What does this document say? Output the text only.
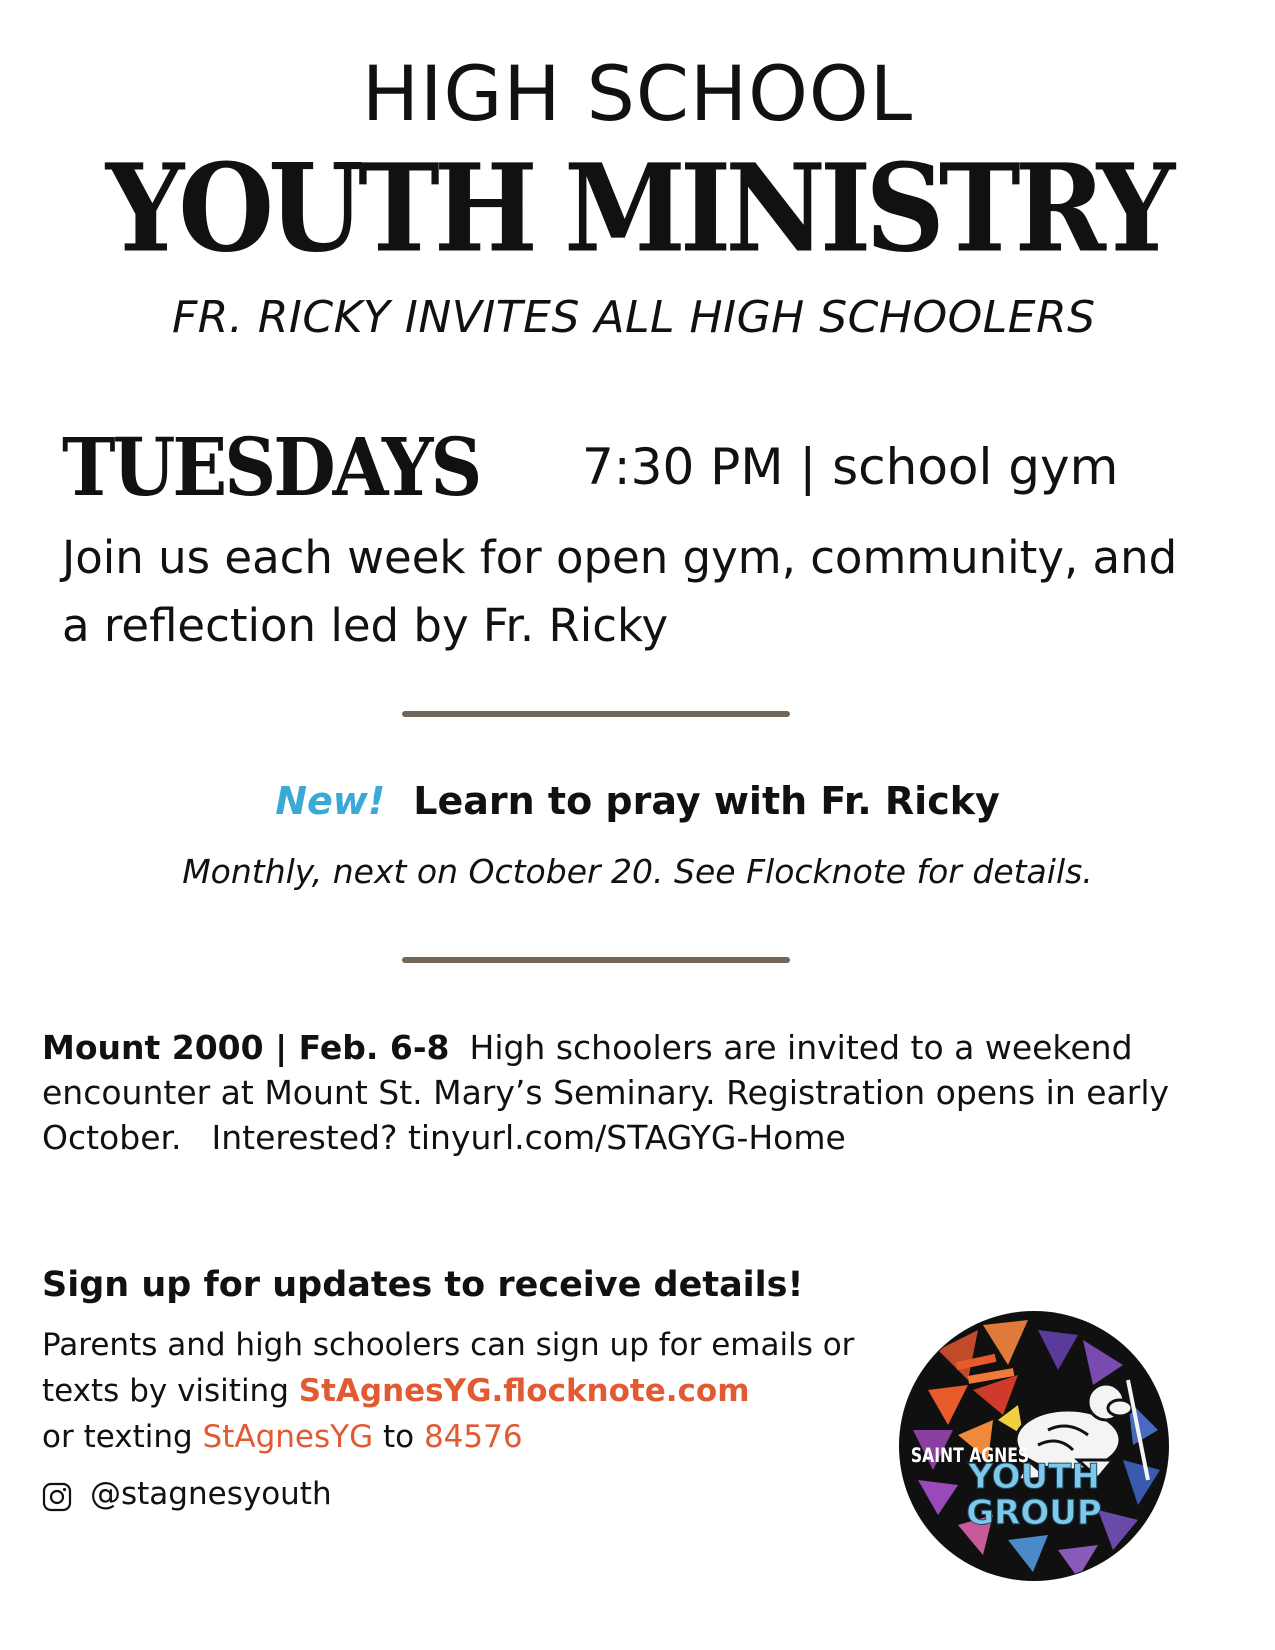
HIGH SCHOOL
YOUTH MINISTRY
FR. RICKY INVITES ALL HIGH SCHOOLERS
TUESDAYS 7:30 PM | school gym
Join us each week for open gym, community, and a reflection led by Fr. Ricky
New! Learn to pray with Fr. Ricky
Monthly, next on October 20. See Flocknote for details.
Mount 2000 | Feb. 6-8 High schoolers are invited to a weekend encounter at Mount St. Mary’s Seminary. Registration opens in early October. Interested? tinyurl.com/STAGYG-Home
Sign up for updates to receive details!
Parents and high schoolers can sign up for emails or texts by visiting StAgnesYG.flocknote.com
or texting StAgnesYG to 84576
@stagnesyouth
SAINT AGNES
YOUTH
GROUP
